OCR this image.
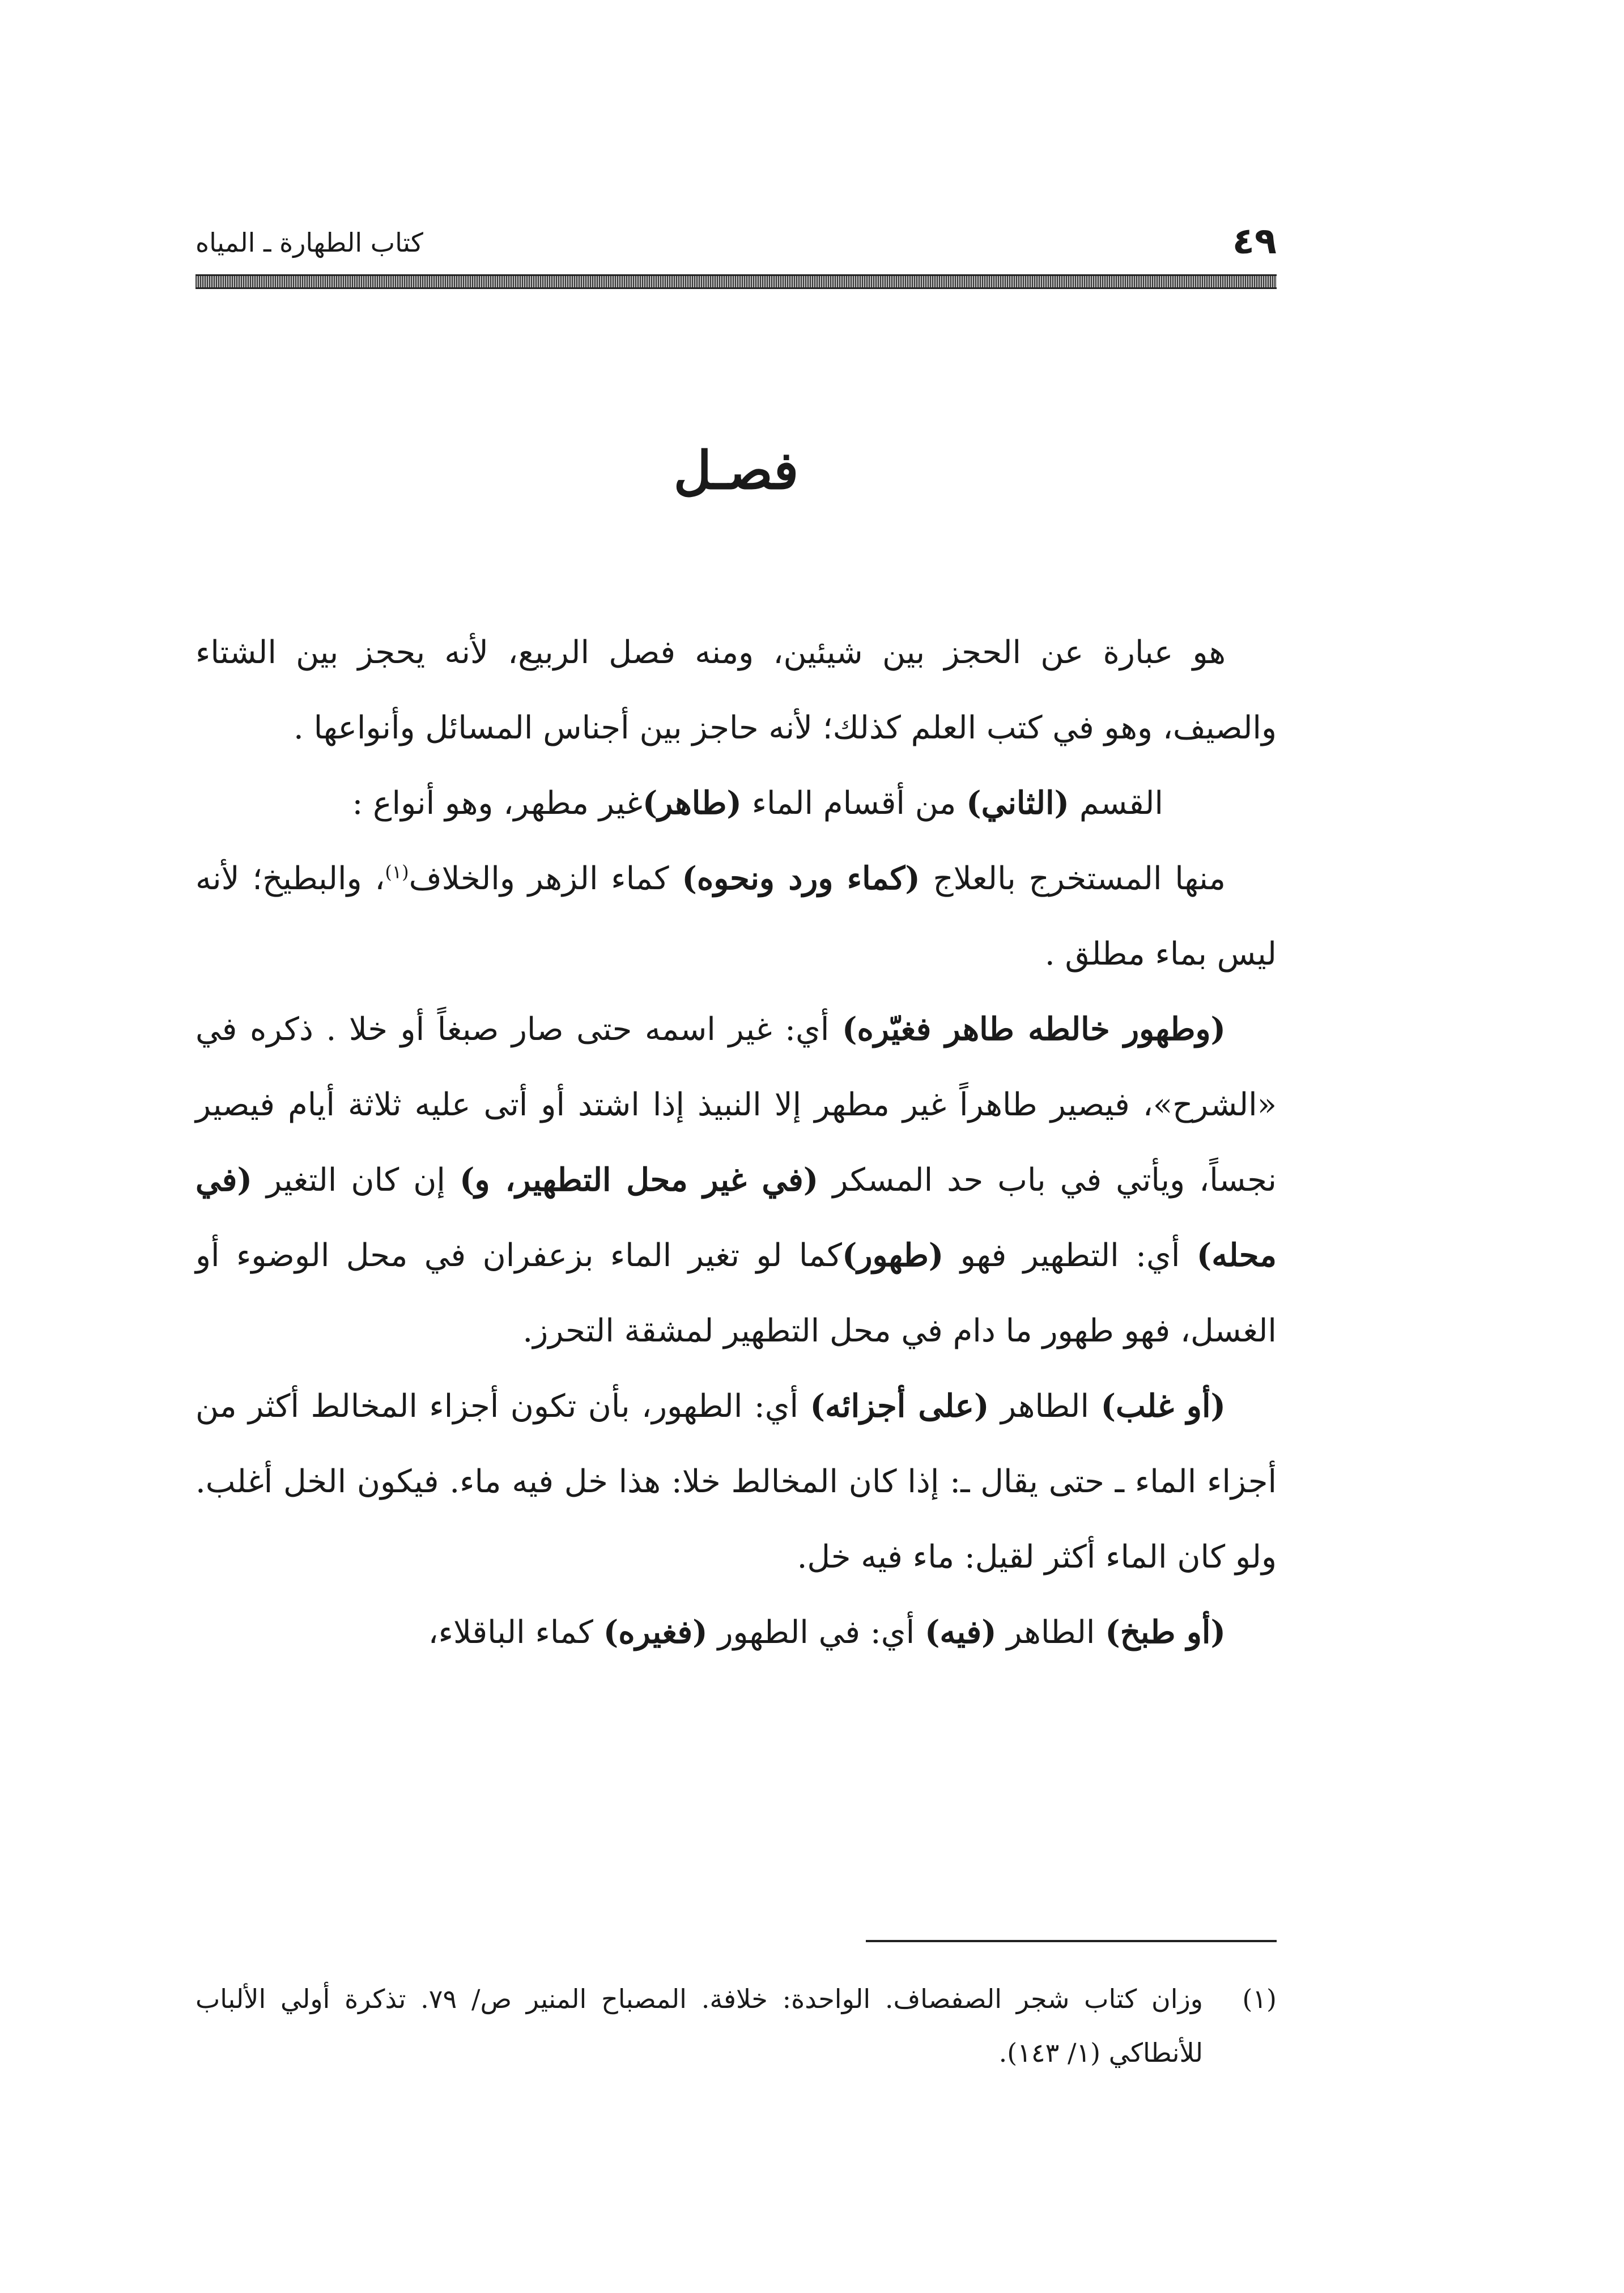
كتاب الطهارة ـ المياه	٤٩
فصـل

هو عبارة عن الحجز بين شيئين، ومنه فصل الربيع، لأنه يحجز بين الشتاء والصيف، وهو في كتب العلم كذلك؛ لأنه حاجز بين أجناس المسائل وأنواعها .

القسم (الثاني) من أقسام الماء (طاهر)غير مطهر، وهو أنواع :

منها المستخرج بالعلاج (كماء ورد ونحوه) كماء الزهر والخلاف$^{(١)}$، والبطيخ؛ لأنه ليس بماء مطلق .

(وطهور خالطه طاهر فغيّره) أي: غير اسمه حتى صار صبغاً أو خلا . ذكره في «الشرح»، فيصير طاهراً غير مطهر إلا النبيذ إذا اشتد أو أتى عليه ثلاثة أيام فيصير نجساً، ويأتي في باب حد المسكر (في غير محل التطهير، و) إن كان التغير (في محله) أي: التطهير فهو (طهور)كما لو تغير الماء بزعفران في محل الوضوء أو الغسل، فهو طهور ما دام في محل التطهير لمشقة التحرز.

(أو غلب) الطاهر (على أجزائه) أي: الطهور، بأن تكون أجزاء المخالط أكثر من أجزاء الماء ـ حتى يقال ـ: إذا كان المخالط خلا: هذا خل فيه ماء. فيكون الخل أغلب. ولو كان الماء أكثر لقيل: ماء فيه خل.

(أو طبخ) الطاهر (فيه) أي: في الطهور (فغيره) كماء الباقلاء،

(١)
وزان كتاب شجر الصفصاف. الواحدة: خلافة. المصباح المنير ص/ ٧٩. تذكرة أولي الألباب للأنطاكي (١/ ١٤٣).
